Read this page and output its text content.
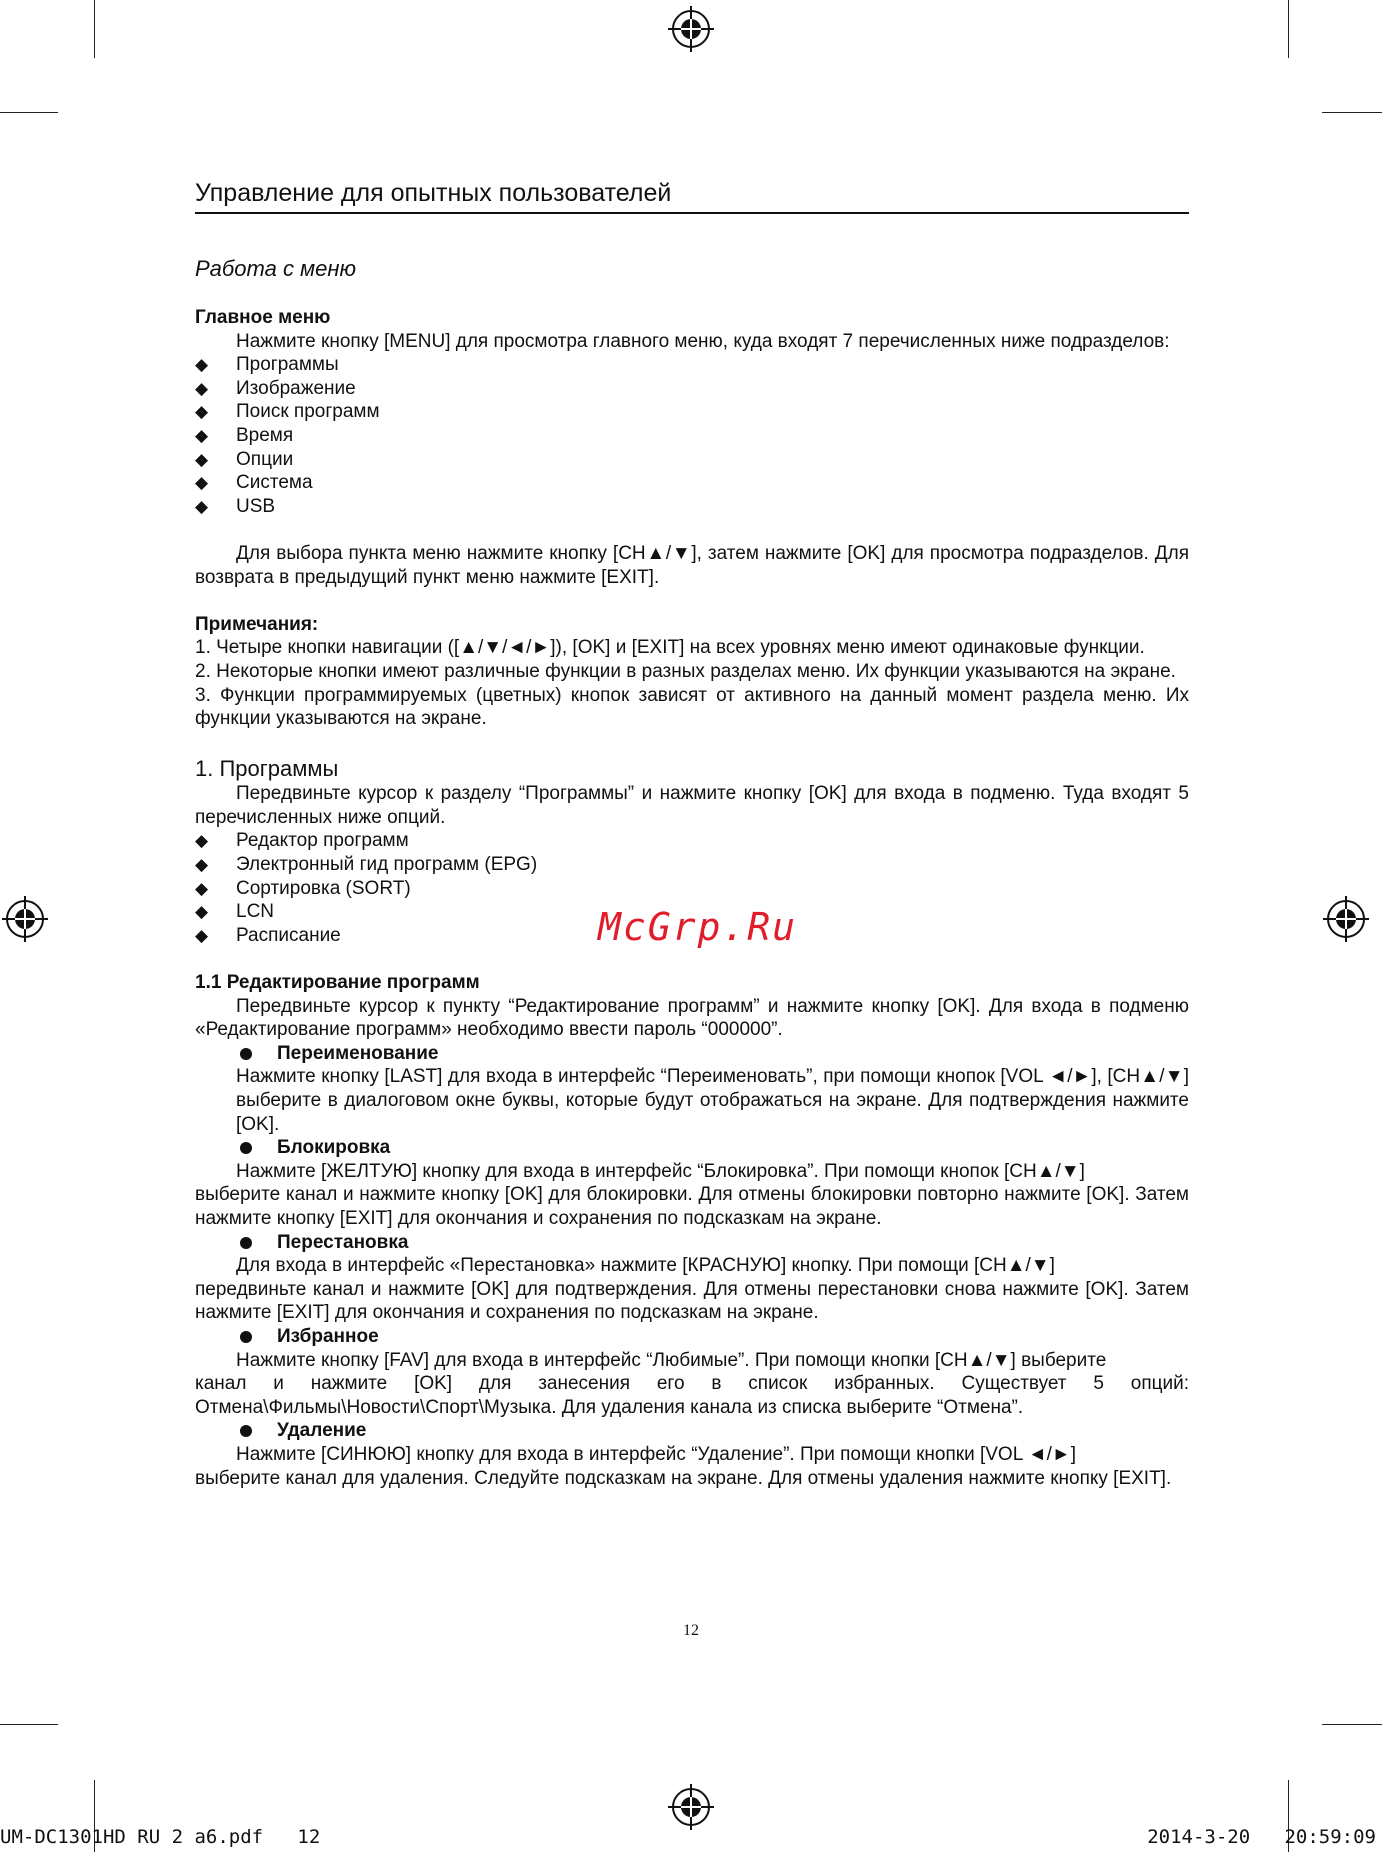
Управление для опытных пользователей
Работа с меню
Главное меню
Нажмите кнопку [MENU] для просмотра главного меню, куда входят 7 перечисленных ниже подразделов:
◆ Программы
◆ Изображение
◆ Поиск программ
◆ Время
◆ Опции
◆ Система
◆ USB
Для выбора пункта меню нажмите кнопку [CH▲/▼], затем нажмите [OK] для просмотра подразделов. Для возврата в предыдущий пункт меню нажмите [EXIT].
Примечания:
1. Четыре кнопки навигации ([▲/▼/◄/►]), [OK] и [EXIT] на всех уровнях меню имеют одинаковые функции.
2. Некоторые кнопки имеют различные функции в разных разделах меню. Их функции указываются на экране.
3. Функции программируемых (цветных) кнопок зависят от активного на данный момент раздела меню. Их функции указываются на экране.
1. Программы
Передвиньте курсор к разделу “Программы” и нажмите кнопку [OK] для входа в подменю. Туда входят 5 перечисленных ниже опций.
◆ Редактор программ
◆ Электронный гид программ (EPG)
◆ Сортировка (SORT)
◆ LCN
◆ Расписание
1.1 Редактирование программ
Передвиньте курсор к пункту “Редактирование программ” и нажмите кнопку [OK]. Для входа в подменю «Редактирование программ» необходимо ввести пароль “000000”.
Переименование
Нажмите кнопку [LAST] для входа в интерфейс “Переименовать”, при помощи кнопок [VOL ◄/►], [CH▲/▼] выберите в диалоговом окне буквы, которые будут отображаться на экране. Для подтверждения нажмите [OK].
Блокировка
Нажмите [ЖЕЛТУЮ] кнопку для входа в интерфейс “Блокировка”. При помощи кнопок [CH▲/▼]
выберите канал и нажмите кнопку [OK] для блокировки. Для отмены блокировки повторно нажмите [OK]. Затем нажмите кнопку [EXIT] для окончания и сохранения по подсказкам на экране.
Перестановка
Для входа в интерфейс «Перестановка» нажмите [КРАСНУЮ] кнопку. При помощи [CH▲/▼]
передвиньте канал и нажмите [OK] для подтверждения. Для отмены перестановки снова нажмите [OK]. Затем нажмите [EXIT] для окончания и сохранения по подсказкам на экране.
Избранное
Нажмите кнопку [FAV] для входа в интерфейс “Любимые”. При помощи кнопки [CH▲/▼] выберите
канал и нажмите [OK] для занесения его в список избранных. Существует 5 опций: Отмена\Фильмы\Новости\Спорт\Музыка. Для удаления канала из списка выберите “Отмена”.
Удаление
Нажмите [СИНЮЮ] кнопку для входа в интерфейс “Удаление”. При помощи кнопки [VOL ◄/►]
выберите канал для удаления. Следуйте подсказкам на экране. Для отмены удаления нажмите кнопку [EXIT].
McGrp.Ru
12
UM-DC1301HD RU 2 a6.pdf   12	2014-3-20   20:59:09
